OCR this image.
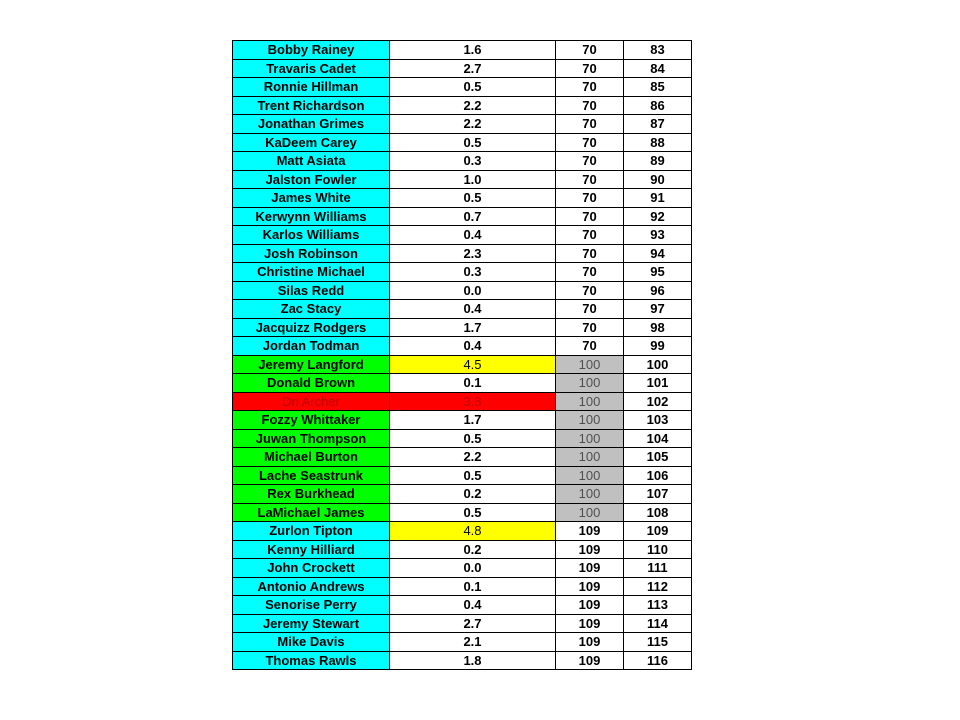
Bobby Rainey	1.6	70	83
Travaris Cadet	2.7	70	84
Ronnie Hillman	0.5	70	85
Trent Richardson	2.2	70	86
Jonathan Grimes	2.2	70	87
KaDeem Carey	0.5	70	88
Matt Asiata	0.3	70	89
Jalston Fowler	1.0	70	90
James White	0.5	70	91
Kerwynn Williams	0.7	70	92
Karlos Williams	0.4	70	93
Josh Robinson	2.3	70	94
Christine Michael	0.3	70	95
Silas Redd	0.0	70	96
Zac Stacy	0.4	70	97
Jacquizz Rodgers	1.7	70	98
Jordan Todman	0.4	70	99
Jeremy Langford	4.5	100	100
Donald Brown	0.1	100	101
Dri Archer	3.8	100	102
Fozzy Whittaker	1.7	100	103
Juwan Thompson	0.5	100	104
Michael Burton	2.2	100	105
Lache Seastrunk	0.5	100	106
Rex Burkhead	0.2	100	107
LaMichael James	0.5	100	108
Zurlon Tipton	4.8	109	109
Kenny Hilliard	0.2	109	110
John Crockett	0.0	109	111
Antonio Andrews	0.1	109	112
Senorise Perry	0.4	109	113
Jeremy Stewart	2.7	109	114
Mike Davis	2.1	109	115
Thomas Rawls	1.8	109	116
